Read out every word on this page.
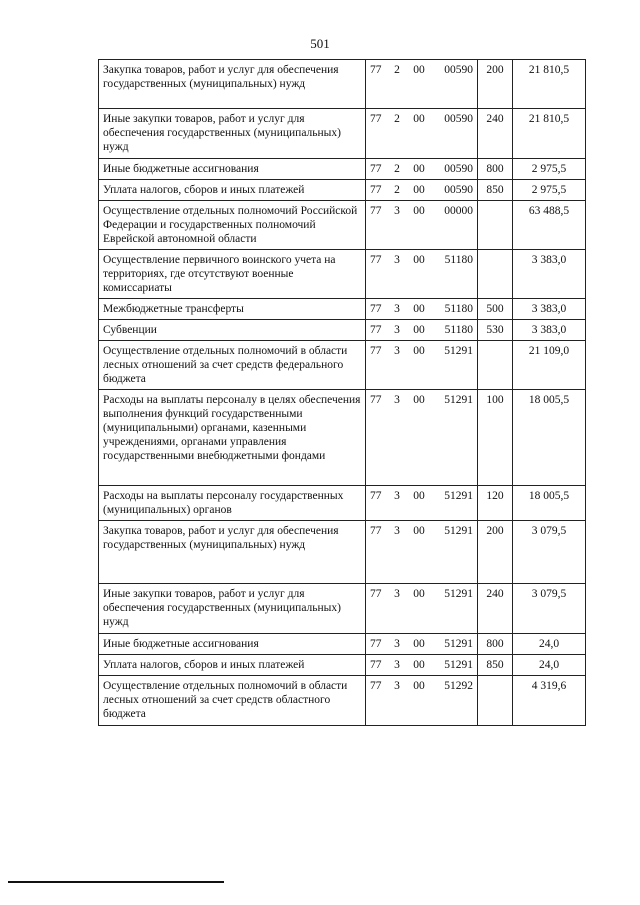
501
Закупка товаров, работ и услуг для обеспечения государственных (муниципальных) нужд	77 2 00 00590	200	21 810,5
Иные закупки товаров, работ и услуг для обеспечения государственных (муниципальных) нужд	77 2 00 00590	240	21 810,5
Иные бюджетные ассигнования	77 2 00 00590	800	2 975,5
Уплата налогов, сборов и иных платежей	77 2 00 00590	850	2 975,5
Осуществление отдельных полномочий Российской Федерации и государственных полномочий Еврейской автономной области	77 3 00 00000		63 488,5
Осуществление первичного воинского учета на территориях, где отсутствуют военные комиссариаты	77 3 00 51180		3 383,0
Межбюджетные трансферты	77 3 00 51180	500	3 383,0
Субвенции	77 3 00 51180	530	3 383,0
Осуществление отдельных полномочий в области лесных отношений за счет средств федерального бюджета	77 3 00 51291		21 109,0
Расходы на выплаты персоналу в целях обеспечения выполнения функций государственными (муниципальными) органами, казенными учреждениями, органами управления государственными внебюджетными фондами	77 3 00 51291	100	18 005,5
Расходы на выплаты персоналу государственных (муниципальных) органов	77 3 00 51291	120	18 005,5
Закупка товаров, работ и услуг для обеспечения государственных (муниципальных) нужд	77 3 00 51291	200	3 079,5
Иные закупки товаров, работ и услуг для обеспечения государственных (муниципальных) нужд	77 3 00 51291	240	3 079,5
Иные бюджетные ассигнования	77 3 00 51291	800	24,0
Уплата налогов, сборов и иных платежей	77 3 00 51291	850	24,0
Осуществление отдельных полномочий в области лесных отношений за счет средств областного бюджета	77 3 00 51292		4 319,6
